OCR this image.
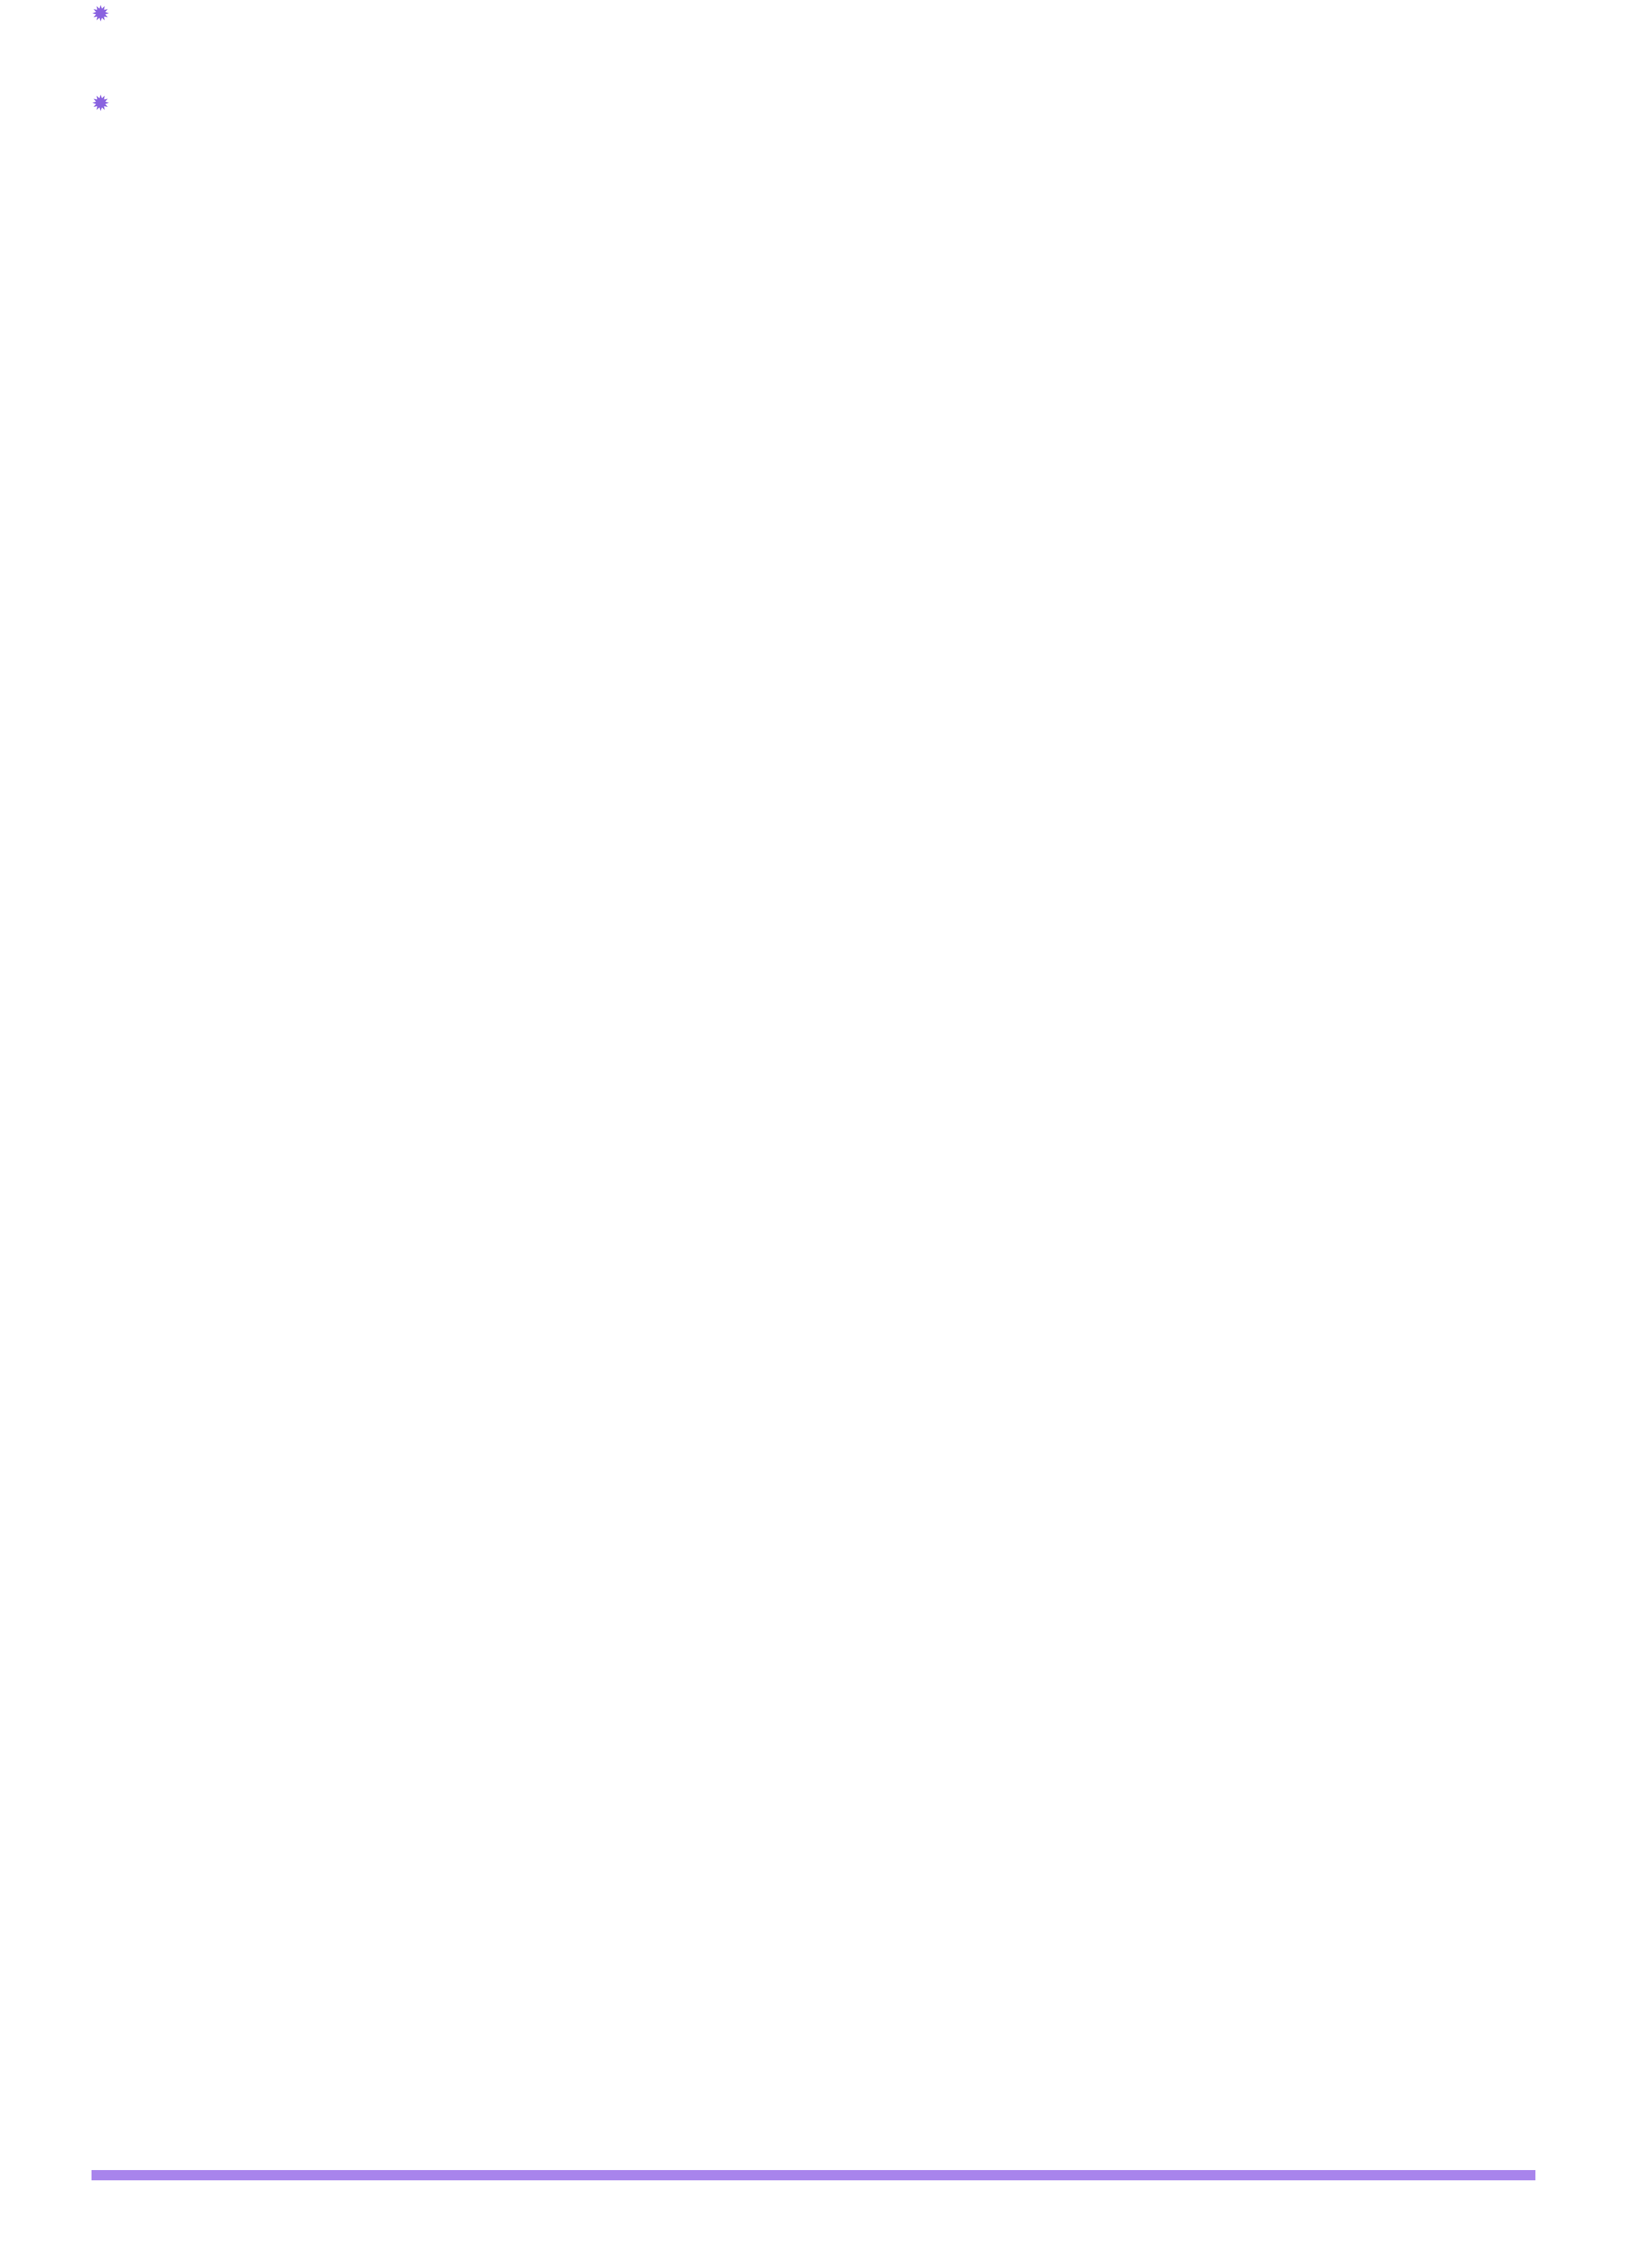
✹
✹
